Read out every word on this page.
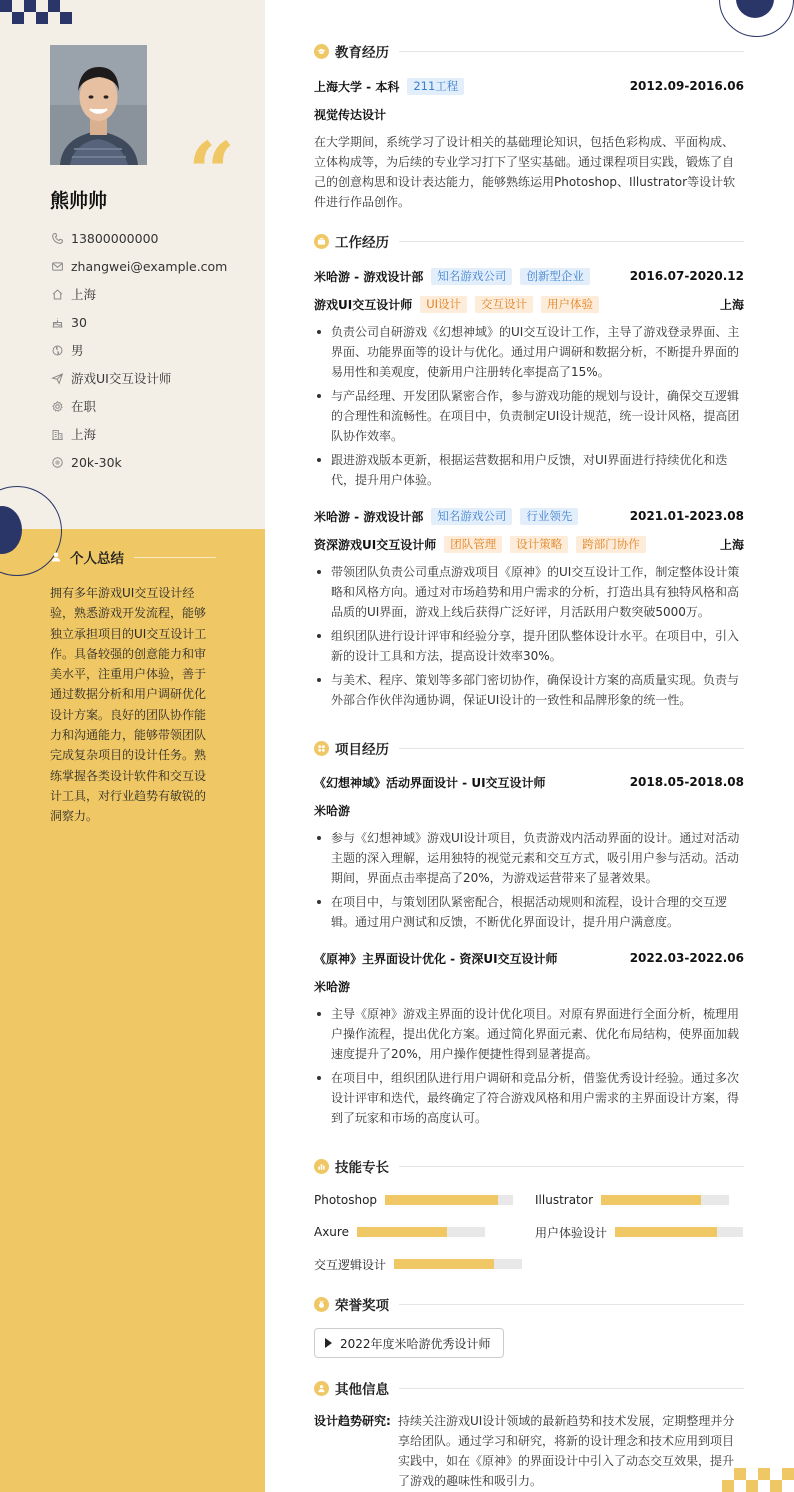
“
熊帅帅
13800000000
zhangwei@example.com
上海
30
男
游戏UI交互设计师
在职
上海
20k-30k
个人总结
拥有多年游戏UI交互设计经验，熟悉游戏开发流程，能够独立承担项目的UI交互设计工作。具备较强的创意能力和审美水平，注重用户体验，善于通过数据分析和用户调研优化设计方案。良好的团队协作能力和沟通能力，能够带领团队完成复杂项目的设计任务。熟练掌握各类设计软件和交互设计工具，对行业趋势有敏锐的洞察力。
教育经历
上海大学 - 本科	211工程	2012.09-2016.06
视觉传达设计
在大学期间，系统学习了设计相关的基础理论知识，包括色彩构成、平面构成、立体构成等，为后续的专业学习打下了坚实基础。通过课程项目实践，锻炼了自己的创意构思和设计表达能力，能够熟练运用Photoshop、Illustrator等设计软件进行作品创作。
工作经历
米哈游 - 游戏设计部	知名游戏公司	创新型企业	2016.07-2020.12
游戏UI交互设计师	UI设计	交互设计	用户体验	上海
负责公司自研游戏《幻想神域》的UI交互设计工作，主导了游戏登录界面、主界面、功能界面等的设计与优化。通过用户调研和数据分析，不断提升界面的易用性和美观度，使新用户注册转化率提高了15%。
与产品经理、开发团队紧密合作，参与游戏功能的规划与设计，确保交互逻辑的合理性和流畅性。在项目中，负责制定UI设计规范，统一设计风格，提高团队协作效率。
跟进游戏版本更新，根据运营数据和用户反馈，对UI界面进行持续优化和迭代，提升用户体验。
米哈游 - 游戏设计部	知名游戏公司	行业领先	2021.01-2023.08
资深游戏UI交互设计师	团队管理	设计策略	跨部门协作	上海
带领团队负责公司重点游戏项目《原神》的UI交互设计工作，制定整体设计策略和风格方向。通过对市场趋势和用户需求的分析，打造出具有独特风格和高品质的UI界面，游戏上线后获得广泛好评，月活跃用户数突破5000万。
组织团队进行设计评审和经验分享，提升团队整体设计水平。在项目中，引入新的设计工具和方法，提高设计效率30%。
与美术、程序、策划等多部门密切协作，确保设计方案的高质量实现。负责与外部合作伙伴沟通协调，保证UI设计的一致性和品牌形象的统一性。
项目经历
《幻想神域》活动界面设计 - UI交互设计师	2018.05-2018.08
米哈游
参与《幻想神域》游戏UI设计项目，负责游戏内活动界面的设计。通过对活动主题的深入理解，运用独特的视觉元素和交互方式，吸引用户参与活动。活动期间，界面点击率提高了20%，为游戏运营带来了显著效果。
在项目中，与策划团队紧密配合，根据活动规则和流程，设计合理的交互逻辑。通过用户测试和反馈，不断优化界面设计，提升用户满意度。
《原神》主界面设计优化 - 资深UI交互设计师	2022.03-2022.06
米哈游
主导《原神》游戏主界面的设计优化项目。对原有界面进行全面分析，梳理用户操作流程，提出优化方案。通过简化界面元素、优化布局结构，使界面加载速度提升了20%，用户操作便捷性得到显著提高。
在项目中，组织团队进行用户调研和竞品分析，借鉴优秀设计经验。通过多次设计评审和迭代，最终确定了符合游戏风格和用户需求的主界面设计方案，得到了玩家和市场的高度认可。
技能专长
Photoshop	Illustrator
Axure	用户体验设计
交互逻辑设计
荣誉奖项
2022年度米哈游优秀设计师
其他信息
设计趋势研究: 持续关注游戏UI设计领域的最新趋势和技术发展，定期整理并分享给团队。通过学习和研究，将新的设计理念和技术应用到项目实践中，如在《原神》的界面设计中引入了动态交互效果，提升了游戏的趣味性和吸引力。
